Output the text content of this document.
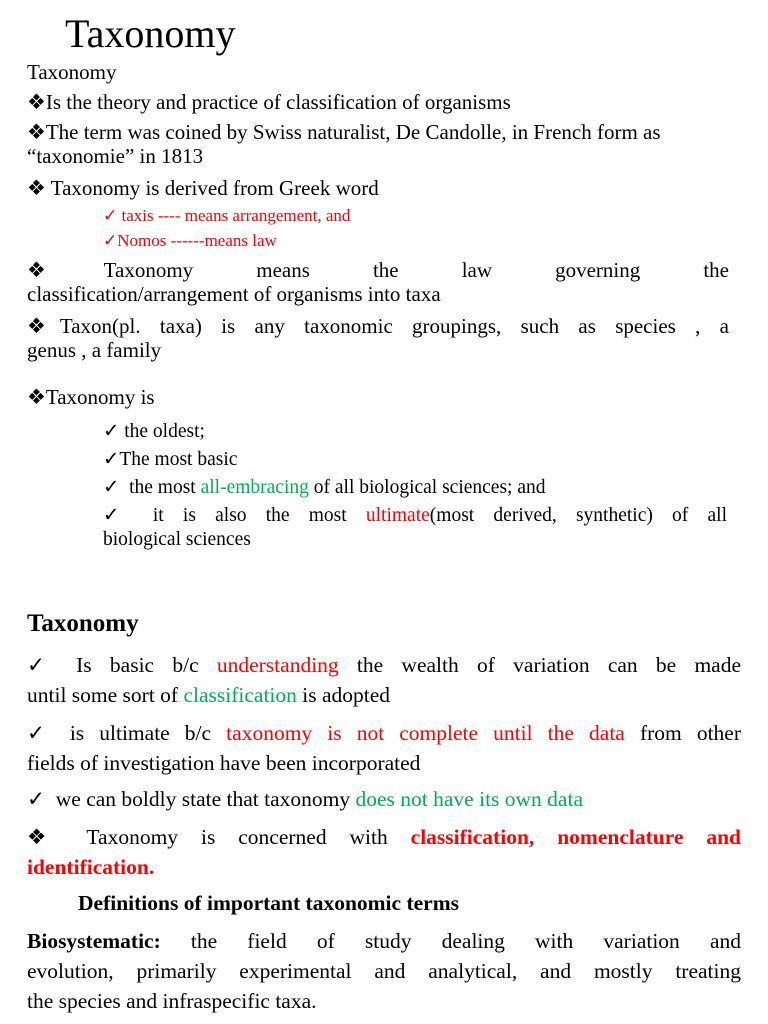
Taxonomy
Taxonomy
❖Is the theory and practice of classification of organisms
❖The term was coined by Swiss naturalist, De Candolle, in French form as “taxonomie” in 1813
❖ Taxonomy is derived from Greek word
✓ taxis ---- means arrangement, and
✓Nomos ------means law
❖Taxonomy means the law governing the
classification/arrangement of organisms into taxa
❖Taxon(pl. taxa) is any taxonomic groupings, such as species , a
genus , a family
❖Taxonomy is
✓ the oldest;
✓The most basic
✓ the most all-embracing of all biological sciences; and
✓ it is also the most ultimate(most derived, synthetic) of all
biological sciences
Taxonomy
✓ Is basic b/c understanding the wealth of variation can be made
until some sort of classification is adopted
✓ is ultimate b/c taxonomy is not complete until the data from other
fields of investigation have been incorporated
✓ we can boldly state that taxonomy does not have its own data
❖ Taxonomy is concerned with classification, nomenclature and
identification.
Definitions of important taxonomic terms
Biosystematic: the field of study dealing with variation and
evolution, primarily experimental and analytical, and mostly treating
the species and infraspecific taxa.
